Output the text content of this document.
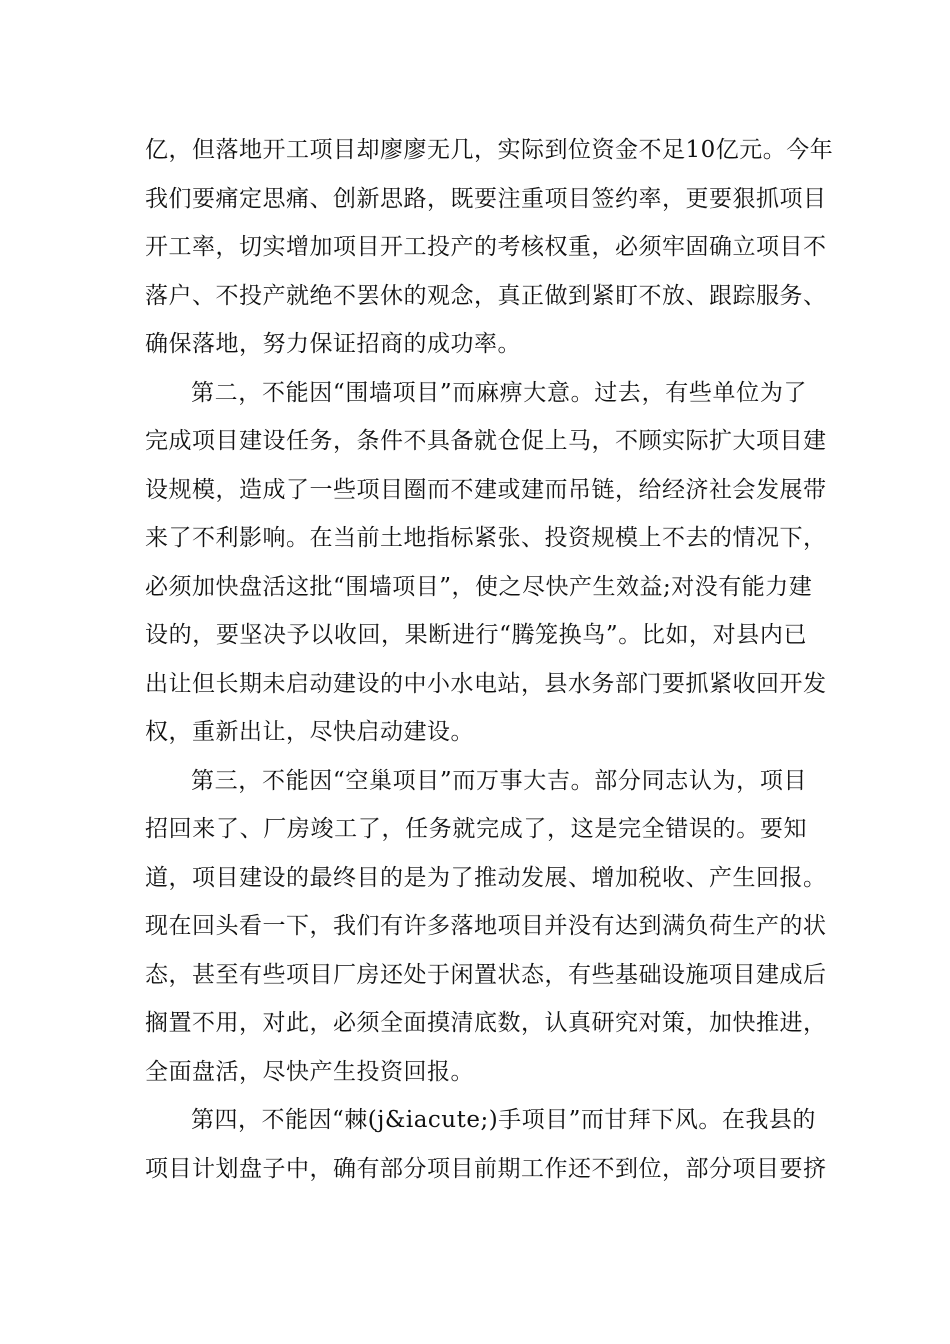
亿，但落地开工项目却廖廖无几，实际到位资金不足10亿元。今年
我们要痛定思痛、创新思路，既要注重项目签约率，更要狠抓项目
开工率，切实增加项目开工投产的考核权重，必须牢固确立项目不
落户、不投产就绝不罢休的观念，真正做到紧盯不放、跟踪服务、
确保落地，努力保证招商的成功率。
第二，不能因“围墙项目”而麻痹大意。过去，有些单位为了
完成项目建设任务，条件不具备就仓促上马，不顾实际扩大项目建
设规模，造成了一些项目圈而不建或建而吊链，给经济社会发展带
来了不利影响。在当前土地指标紧张、投资规模上不去的情况下，
必须加快盘活这批“围墙项目”，使之尽快产生效益;对没有能力建
设的，要坚决予以收回，果断进行“腾笼换鸟”。比如，对县内已
出让但长期未启动建设的中小水电站，县水务部门要抓紧收回开发
权，重新出让，尽快启动建设。
第三，不能因“空巢项目”而万事大吉。部分同志认为，项目
招回来了、厂房竣工了，任务就完成了，这是完全错误的。要知
道，项目建设的最终目的是为了推动发展、增加税收、产生回报。
现在回头看一下，我们有许多落地项目并没有达到满负荷生产的状
态，甚至有些项目厂房还处于闲置状态，有些基础设施项目建成后
搁置不用，对此，必须全面摸清底数，认真研究对策，加快推进，
全面盘活，尽快产生投资回报。
第四，不能因“棘(j&iacute;)手项目”而甘拜下风。在我县的
项目计划盘子中，确有部分项目前期工作还不到位，部分项目要挤
